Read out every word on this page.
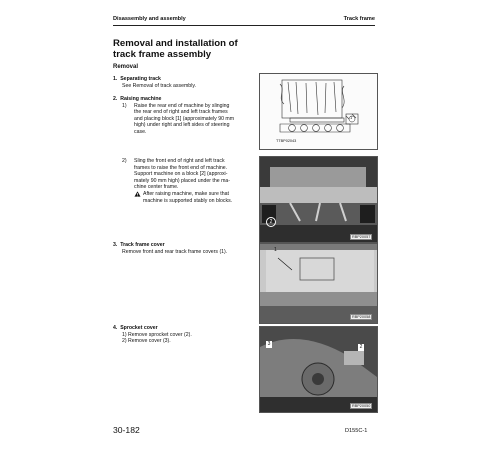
Disassembly and assembly	Track frame
Removal and installation of
track frame assembly
Removal
1. Separating track
See Removal of track assembly.
2. Raising machine
1) Raise the rear end of machine by slinging
the rear end of right and left track frames
and placing block [1] (approximately 90 mm
high) under right and left sides of steering
case.
2) Sling the front end of right and left track
frames to raise the front end of machine.
Support machine on a block [2] (approxi-
mately 90 mm high) placed under the ma-
chine center frame.
After raising machine, make sure that
machine is supported stably on blocks.
3. Track frame cover
Remove front and rear track frame covers (1).
4. Sprocket cover
1) Remove sprocket cover (2).
2) Remove cover (3).
1
TTBP02043
2
RBP20057
1
RBP20058
3	2
RBP20050
30-182	D155C-1
